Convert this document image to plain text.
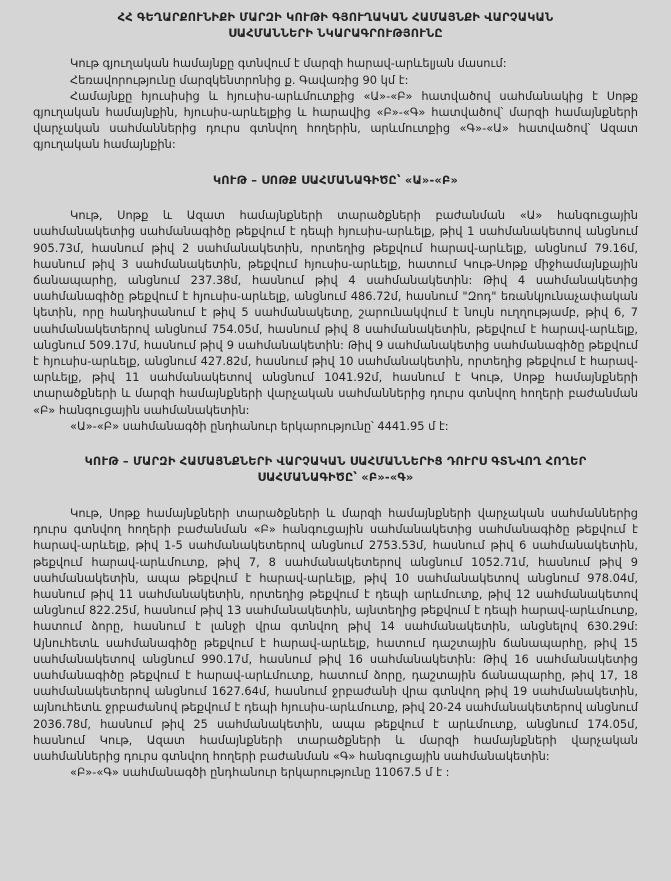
ՀՀ ԳԵՂԱՐՔՈՒՆԻՔԻ ՄԱՐԶԻ ԿՈՒԹԻ ԳՅՈՒՂԱԿԱՆ ՀԱՄԱՅՆՔԻ ՎԱՐՉԱԿԱՆ
ՍԱՀՄԱՆՆԵՐԻ ՆԿԱՐԱԳՐՈՒԹՅՈՒՆԸ

Կութ գյուղական համայնքը գտնվում է մարզի հարավ-արևելյան մասում:

Հեռավորությունը մարզկենտրոնից ք. Գավառից 90 կմ է:

Համայնքը հյուսիսից և հյուսիս-արևմուտքից «Ա»-«Բ» հատվածով սահմանակից է Սոթք գյուղական համայնքին, հյուսիս-արևելքից և հարավից «Բ»-«Գ» հատվածով՝ մարզի համայնքների վարչական սահմաններից դուրս գտնվող հողերին, արևմուտքից «Գ»-«Ա» հատվածով՝ Ազատ գյուղական համայնքին:

ԿՈՒԹ – ՍՈԹՔ ՍԱՀՄԱՆԱԳԻԾԸ՝ «Ա»-«Բ»

Կութ, Սոթք և Ազատ համայնքների տարածքների բաժանման «Ա» հանգուցային սահմանակետից սահմանագիծը թեքվում է դեպի հյուսիս-արևելք, թիվ 1 սահմանակետով անցնում 905.73մ, հասնում թիվ 2 սահմանակետին, որտեղից թեքվում հարավ-արևելք, անցնում 79.16մ, հասնում թիվ 3 սահմանակետին, թեքվում հյուսիս-արևելք, հատում Կութ-Սոթք միջհամայնքային ճանապարհը, անցնում 237.38մ, հասնում թիվ 4 սահմանակետին: Թիվ 4 սահմանակետից սահմանագիծը թեքվում է հյուսիս-արևելք, անցնում 486.72մ, հասնում "Զոդ" եռանկյունաչափական կետին, որը հանդիսանում է թիվ 5 սահմանակետը, շարունակվում է նույն ուղղությամբ, թիվ 6, 7 սահմանակետերով անցնում 754.05մ, հասնում թիվ 8 սահմանակետին, թեքվում է հարավ-արևելք, անցնում 509.17մ, հասնում թիվ 9 սահմանակետին: Թիվ 9 սահմանակետից սահմանագիծը թեքվում է հյուսիս-արևելք, անցնում 427.82մ, հասնում թիվ 10 սահմանակետին, որտեղից թեքվում է հարավ-արևելք, թիվ 11 սահմանակետով անցնում 1041.92մ, հասնում է Կութ, Սոթք համայնքների տարածքների և մարզի համայնքների վարչական սահմաններից դուրս գտնվող հողերի բաժանման «Բ» հանգուցային սահմանակետին:

«Ա»-«Բ» սահմանագծի ընդհանուր երկարությունը՝ 4441.95 մ է:

ԿՈՒԹ – ՄԱՐԶԻ ՀԱՄԱՅՆՔՆԵՐԻ ՎԱՐՉԱԿԱՆ ՍԱՀՄԱՆՆԵՐԻՑ ԴՈՒՐՍ ԳՏՆՎՈՂ ՀՈՂԵՐ ՍԱՀՄԱՆԱԳԻԾԸ՝ «Բ»-«Գ»

Կութ, Սոթք համայնքների տարածքների և մարզի համայնքների վարչական սահմաններից դուրս գտնվող հողերի բաժանման «Բ» հանգուցային սահմանակետից սահմանագիծը թեքվում է հարավ-արևելք, թիվ 1-5 սահմանակետերով անցնում 2753.53մ, հասնում թիվ 6 սահմանակետին, թեքվում հարավ-արևմուտք, թիվ 7, 8 սահմանակետերով անցնում 1052.71մ, հասնում թիվ 9 սահմանակետին, ապա թեքվում է հարավ-արևելք, թիվ 10 սահմանակետով անցնում 978.04մ, հասնում թիվ 11 սահմանակետին, որտեղից թեքվում է դեպի արևմուտք, թիվ 12 սահմանակետով անցնում 822.25մ, հասնում թիվ 13 սահմանակետին, այնտեղից թեքվում է դեպի հարավ-արևմուտք, հատում ձորը, հասնում է լանջի վրա գտնվող թիվ 14 սահմանակետին, անցնելով 630.29մ: Այնուհետև սահմանագիծը թեքվում է հարավ-արևելք, հատում դաշտային ճանապարհը, թիվ 15 սահմանակետով անցնում 990.17մ, հասնում թիվ 16 սահմանակետին: Թիվ 16 սահմանակետից սահմանագիծը թեքվում է հարավ-արևմուտք, հատում ձորը, դաշտային ճանապարհը, թիվ 17, 18 սահմանակետերով անցնում 1627.64մ, հասնում ջրբաժանի վրա գտնվող թիվ 19 սահմանակետին, այնուհետև ջրբաժանով թեքվում է դեպի հյուսիս-արևմուտք, թիվ 20-24 սահմանակետերով անցնում 2036.78մ, հասնում թիվ 25 սահմանակետին, ապա թեքվում է արևմուտք, անցնում 174.05մ, հասնում Կութ, Ազատ համայնքների տարածքների և մարզի համայնքների վարչական սահմաններից դուրս գտնվող հողերի բաժանման «Գ» հանգուցային սահմանակետին:

«Բ»-«Գ» սահմանագծի ընդհանուր երկարությունը 11067.5 մ է :
